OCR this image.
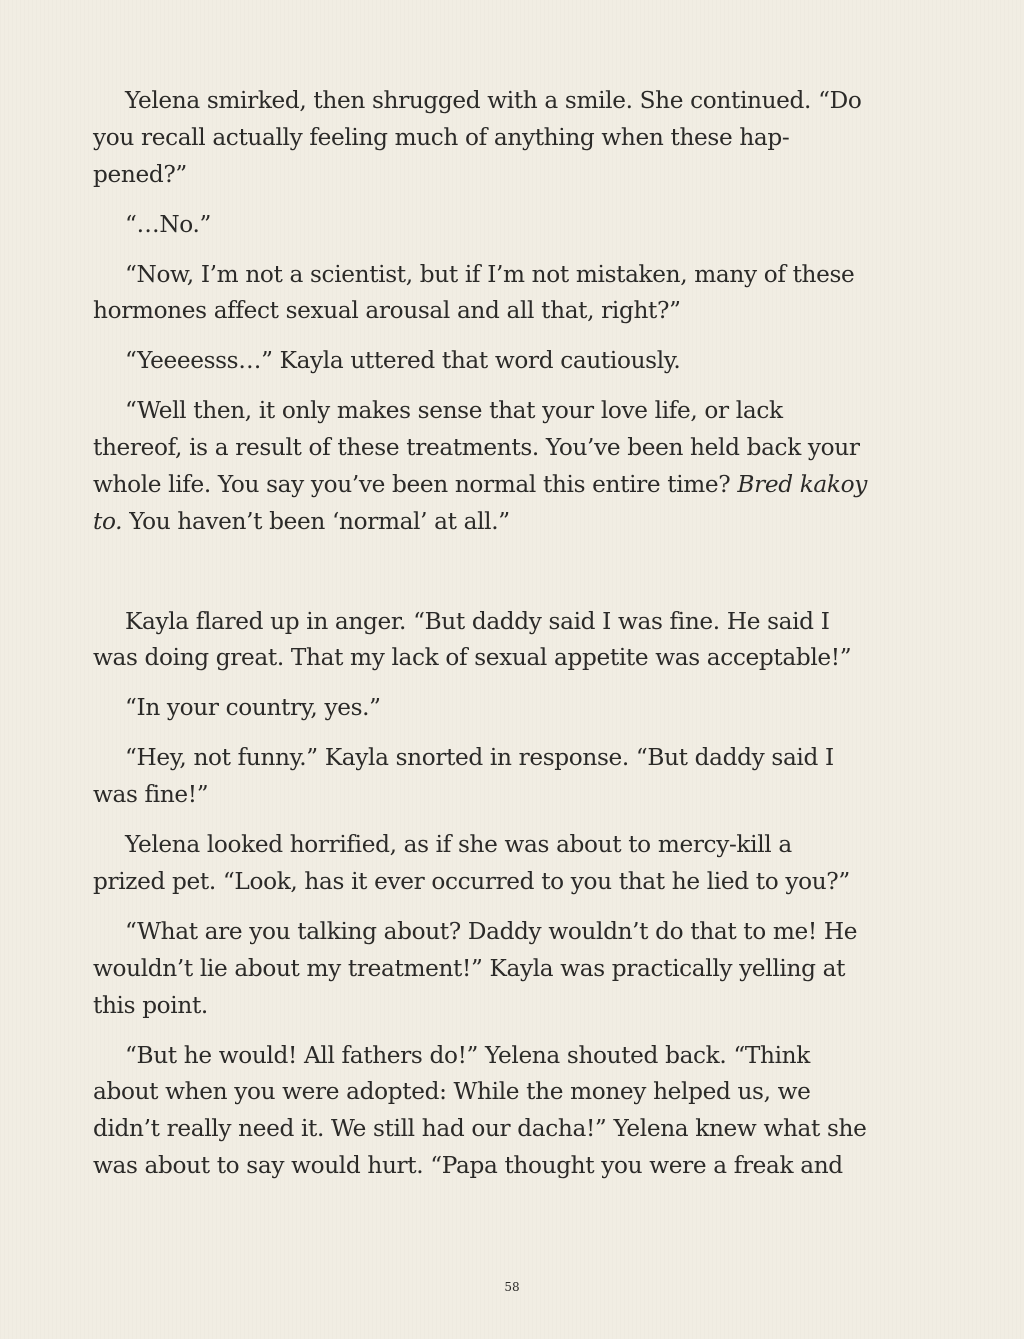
Yelena smirked, then shrugged with a smile. She continued. “Do
you recall actually feeling much of anything when these hap-
pened?”
“…No.”
“Now, I’m not a scientist, but if I’m not mistaken, many of these
hormones affect sexual arousal and all that, right?”
“Yeeeesss…” Kayla uttered that word cautiously.
“Well then, it only makes sense that your love life, or lack
thereof, is a result of these treatments. You’ve been held back your
whole life. You say you’ve been normal this entire time? Bred kakoy
to. You haven’t been ‘normal’ at all.”
Kayla flared up in anger. “But daddy said I was fine. He said I
was doing great. That my lack of sexual appetite was acceptable!”
“In your country, yes.”
“Hey, not funny.” Kayla snorted in response. “But daddy said I
was fine!”
Yelena looked horrified, as if she was about to mercy-kill a
prized pet. “Look, has it ever occurred to you that he lied to you?”
“What are you talking about? Daddy wouldn’t do that to me! He
wouldn’t lie about my treatment!” Kayla was practically yelling at
this point.
“But he would! All fathers do!” Yelena shouted back. “Think
about when you were adopted: While the money helped us, we
didn’t really need it. We still had our dacha!” Yelena knew what she
was about to say would hurt. “Papa thought you were a freak and
58
